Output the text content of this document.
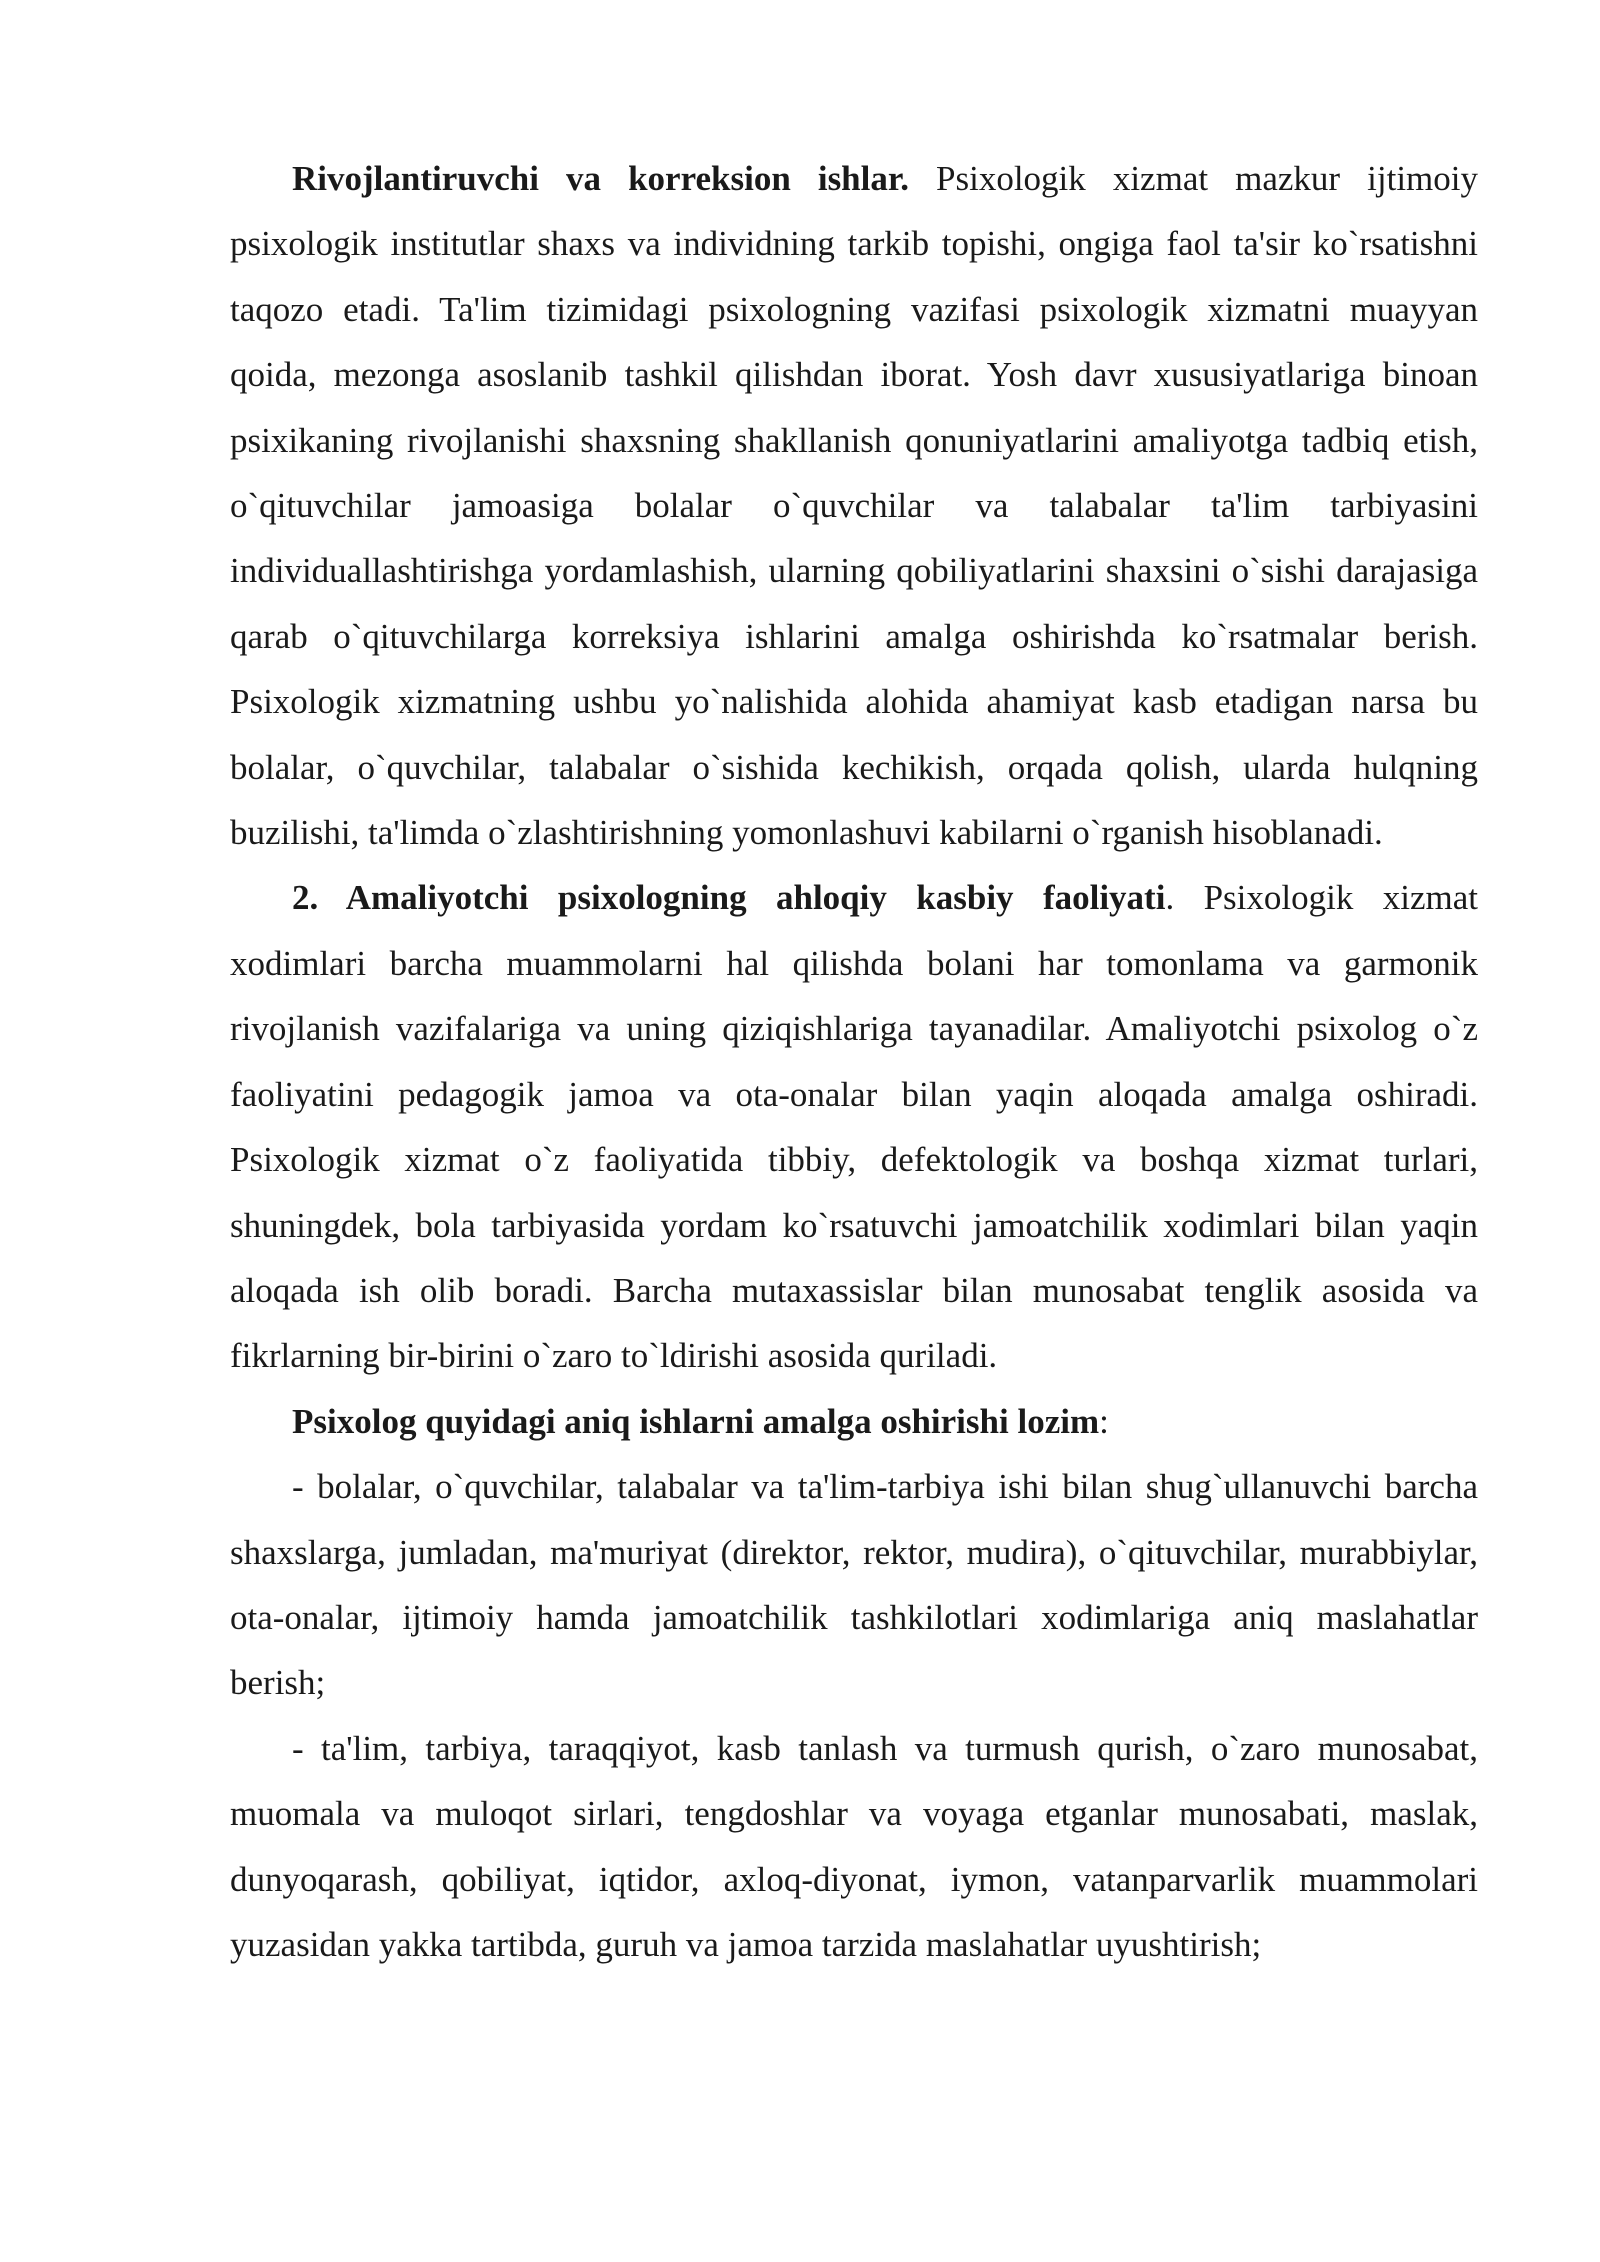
Rivojlantiruvchi va korreksion ishlar. Psixologik xizmat mazkur ijtimoiy psixologik institutlar shaxs va individning tarkib topishi, ongiga faol ta'sir ko`rsatishni taqozo etadi. Ta'lim tizimidagi psixologning vazifasi psixologik xizmatni muayyan qoida, mezonga asoslanib tashkil qilishdan iborat. Yosh davr xususiyatlariga binoan psixikaning rivojlanishi shaxsning shakllanish qonuniyatlarini amaliyotga tadbiq etish, o`qituvchilar jamoasiga bolalar o`quvchilar va talabalar ta'lim tarbiyasini individuallashtirishga yordamlashish, ularning qobiliyatlarini shaxsini o`sishi darajasiga qarab o`qituvchilarga korreksiya ishlarini amalga oshirishda ko`rsatmalar berish. Psixologik xizmatning ushbu yo`nalishida alohida ahamiyat kasb etadigan narsa bu bolalar, o`quvchilar, talabalar o`sishida kechikish, orqada qolish, ularda hulqning buzilishi, ta'limda o`zlashtirishning yomonlashuvi kabilarni o`rganish hisoblanadi.

2. Amaliyotchi psixologning ahloqiy kasbiy faoliyati. Psixologik xizmat xodimlari barcha muammolarni hal qilishda bolani har tomonlama va garmonik rivojlanish vazifalariga va uning qiziqishlariga tayanadilar. Amaliyotchi psixolog o`z faoliyatini pedagogik jamoa va ota-onalar bilan yaqin aloqada amalga oshiradi. Psixologik xizmat o`z faoliyatida tibbiy, defektologik va boshqa xizmat turlari, shuningdek, bola tarbiyasida yordam ko`rsatuvchi jamoatchilik xodimlari bilan yaqin aloqada ish olib boradi. Barcha mutaxassislar bilan munosabat tenglik asosida va fikrlarning bir-birini o`zaro to`ldirishi asosida quriladi.

Psixolog quyidagi aniq ishlarni amalga oshirishi lozim:

- bolalar, o`quvchilar, talabalar va ta'lim-tarbiya ishi bilan shug`ullanuvchi barcha shaxslarga, jumladan, ma'muriyat (direktor, rektor, mudira), o`qituvchilar, murabbiylar, ota-onalar, ijtimoiy hamda jamoatchilik tashkilotlari xodimlariga aniq maslahatlar berish;

- ta'lim, tarbiya, taraqqiyot, kasb tanlash va turmush qurish, o`zaro munosabat, muomala va muloqot sirlari, tengdoshlar va voyaga etganlar munosabati, maslak, dunyoqarash, qobiliyat, iqtidor, axloq-diyonat, iymon, vatanparvarlik muammolari yuzasidan yakka tartibda, guruh va jamoa tarzida maslahatlar uyushtirish;
